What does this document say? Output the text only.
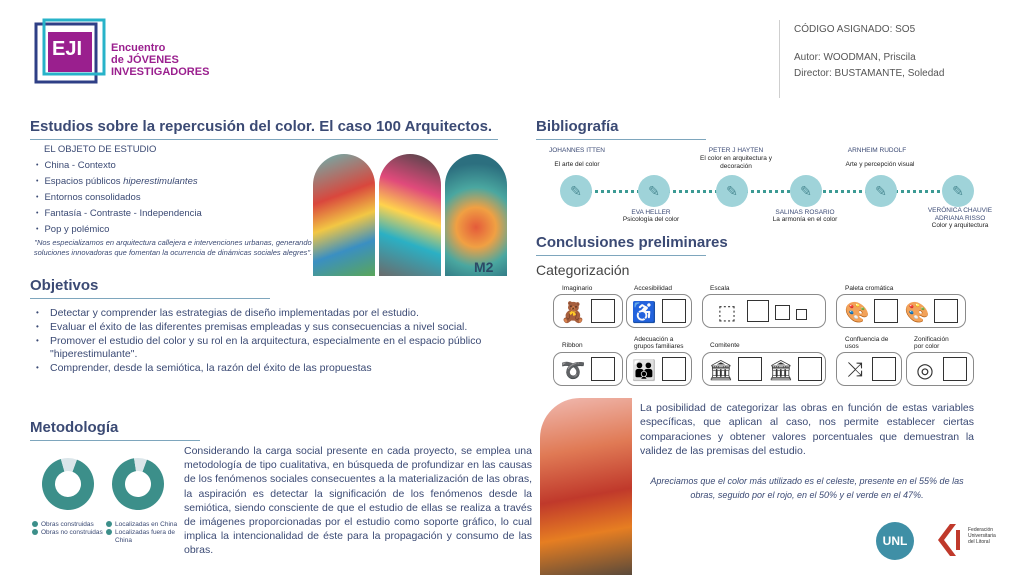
EJI	Encuentro
de JÓVENES
INVESTIGADORES
CÓDIGO ASIGNADO: SO5
Autor: WOODMAN, Priscila
Director: BUSTAMANTE, Soledad
Estudios sobre la repercusión del color. El caso 100 Arquitectos.
EL OBJETO DE ESTUDIO
• China - Contexto
• Espacios públicos hiperestimulantes
• Entornos consolidados
• Fantasía - Contraste - Independencia
• Pop y polémico
"Nos especializamos en arquitectura callejera e intervenciones urbanas, generando soluciones innovadoras que fomentan la ocurrencia de dinámicas sociales alegres".
M2
Objetivos
• Detectar y comprender las estrategias de diseño implementadas por el estudio.
• Evaluar el éxito de las diferentes premisas empleadas y sus consecuencias a nivel social.
• Promover el estudio del color y su rol en la arquitectura, especialmente en el espacio público "hiperestimulante".
• Comprender, desde la semiótica, la razón del éxito de las propuestas
Metodología
Obras construidas
Obras no construidas
Localizadas en China
Localizadas fuera de China
Considerando la carga social presente en cada proyecto, se emplea una metodología de tipo cualitativa, en búsqueda de profundizar en las causas de los fenómenos sociales consecuentes a la materialización de las obras, la aspiración es detectar la significación de los fenómenos desde la semiótica, siendo consciente de que el estudio de ellas se realiza a través de imágenes proporcionadas por el estudio como soporte gráfico, lo cual implica la intencionalidad de éste para la propagación y consumo de las obras.
Bibliografía
JOHANNES ITTEN
El arte del color
PETER J HAYTEN
El color en arquitectura y decoración
ARNHEIM RUDOLF
Arte y percepción visual
✎	✎	✎	✎	✎	✎
EVA HELLER
Psicología del color
SALINAS ROSARIO
La armonía en el color
VERÓNICA CHAUVIE ADRIANA RISSO
Color y arquitectura
Conclusiones preliminares
Categorización
Imaginario	Accesibilidad	Escala	Paleta cromática
🧸 ♿	⬚	🎨 🎨
Ribbon
Adecuación a grupos familiares	Comitente
Confluencia de usos
Zonificación por color
➰ 👪	🏛 🏛	⤨	◎
La posibilidad de categorizar las obras en función de estas variables específicas, que aplican al caso, nos permite establecer ciertas comparaciones y obtener valores porcentuales que demuestran la validez de las premisas del estudio.
Apreciamos que el color más utilizado es el celeste, presente en el 55% de las obras, seguido por el rojo, en el 50% y el verde en el 47%.
UNL
Federación
Universitaria
del Litoral
